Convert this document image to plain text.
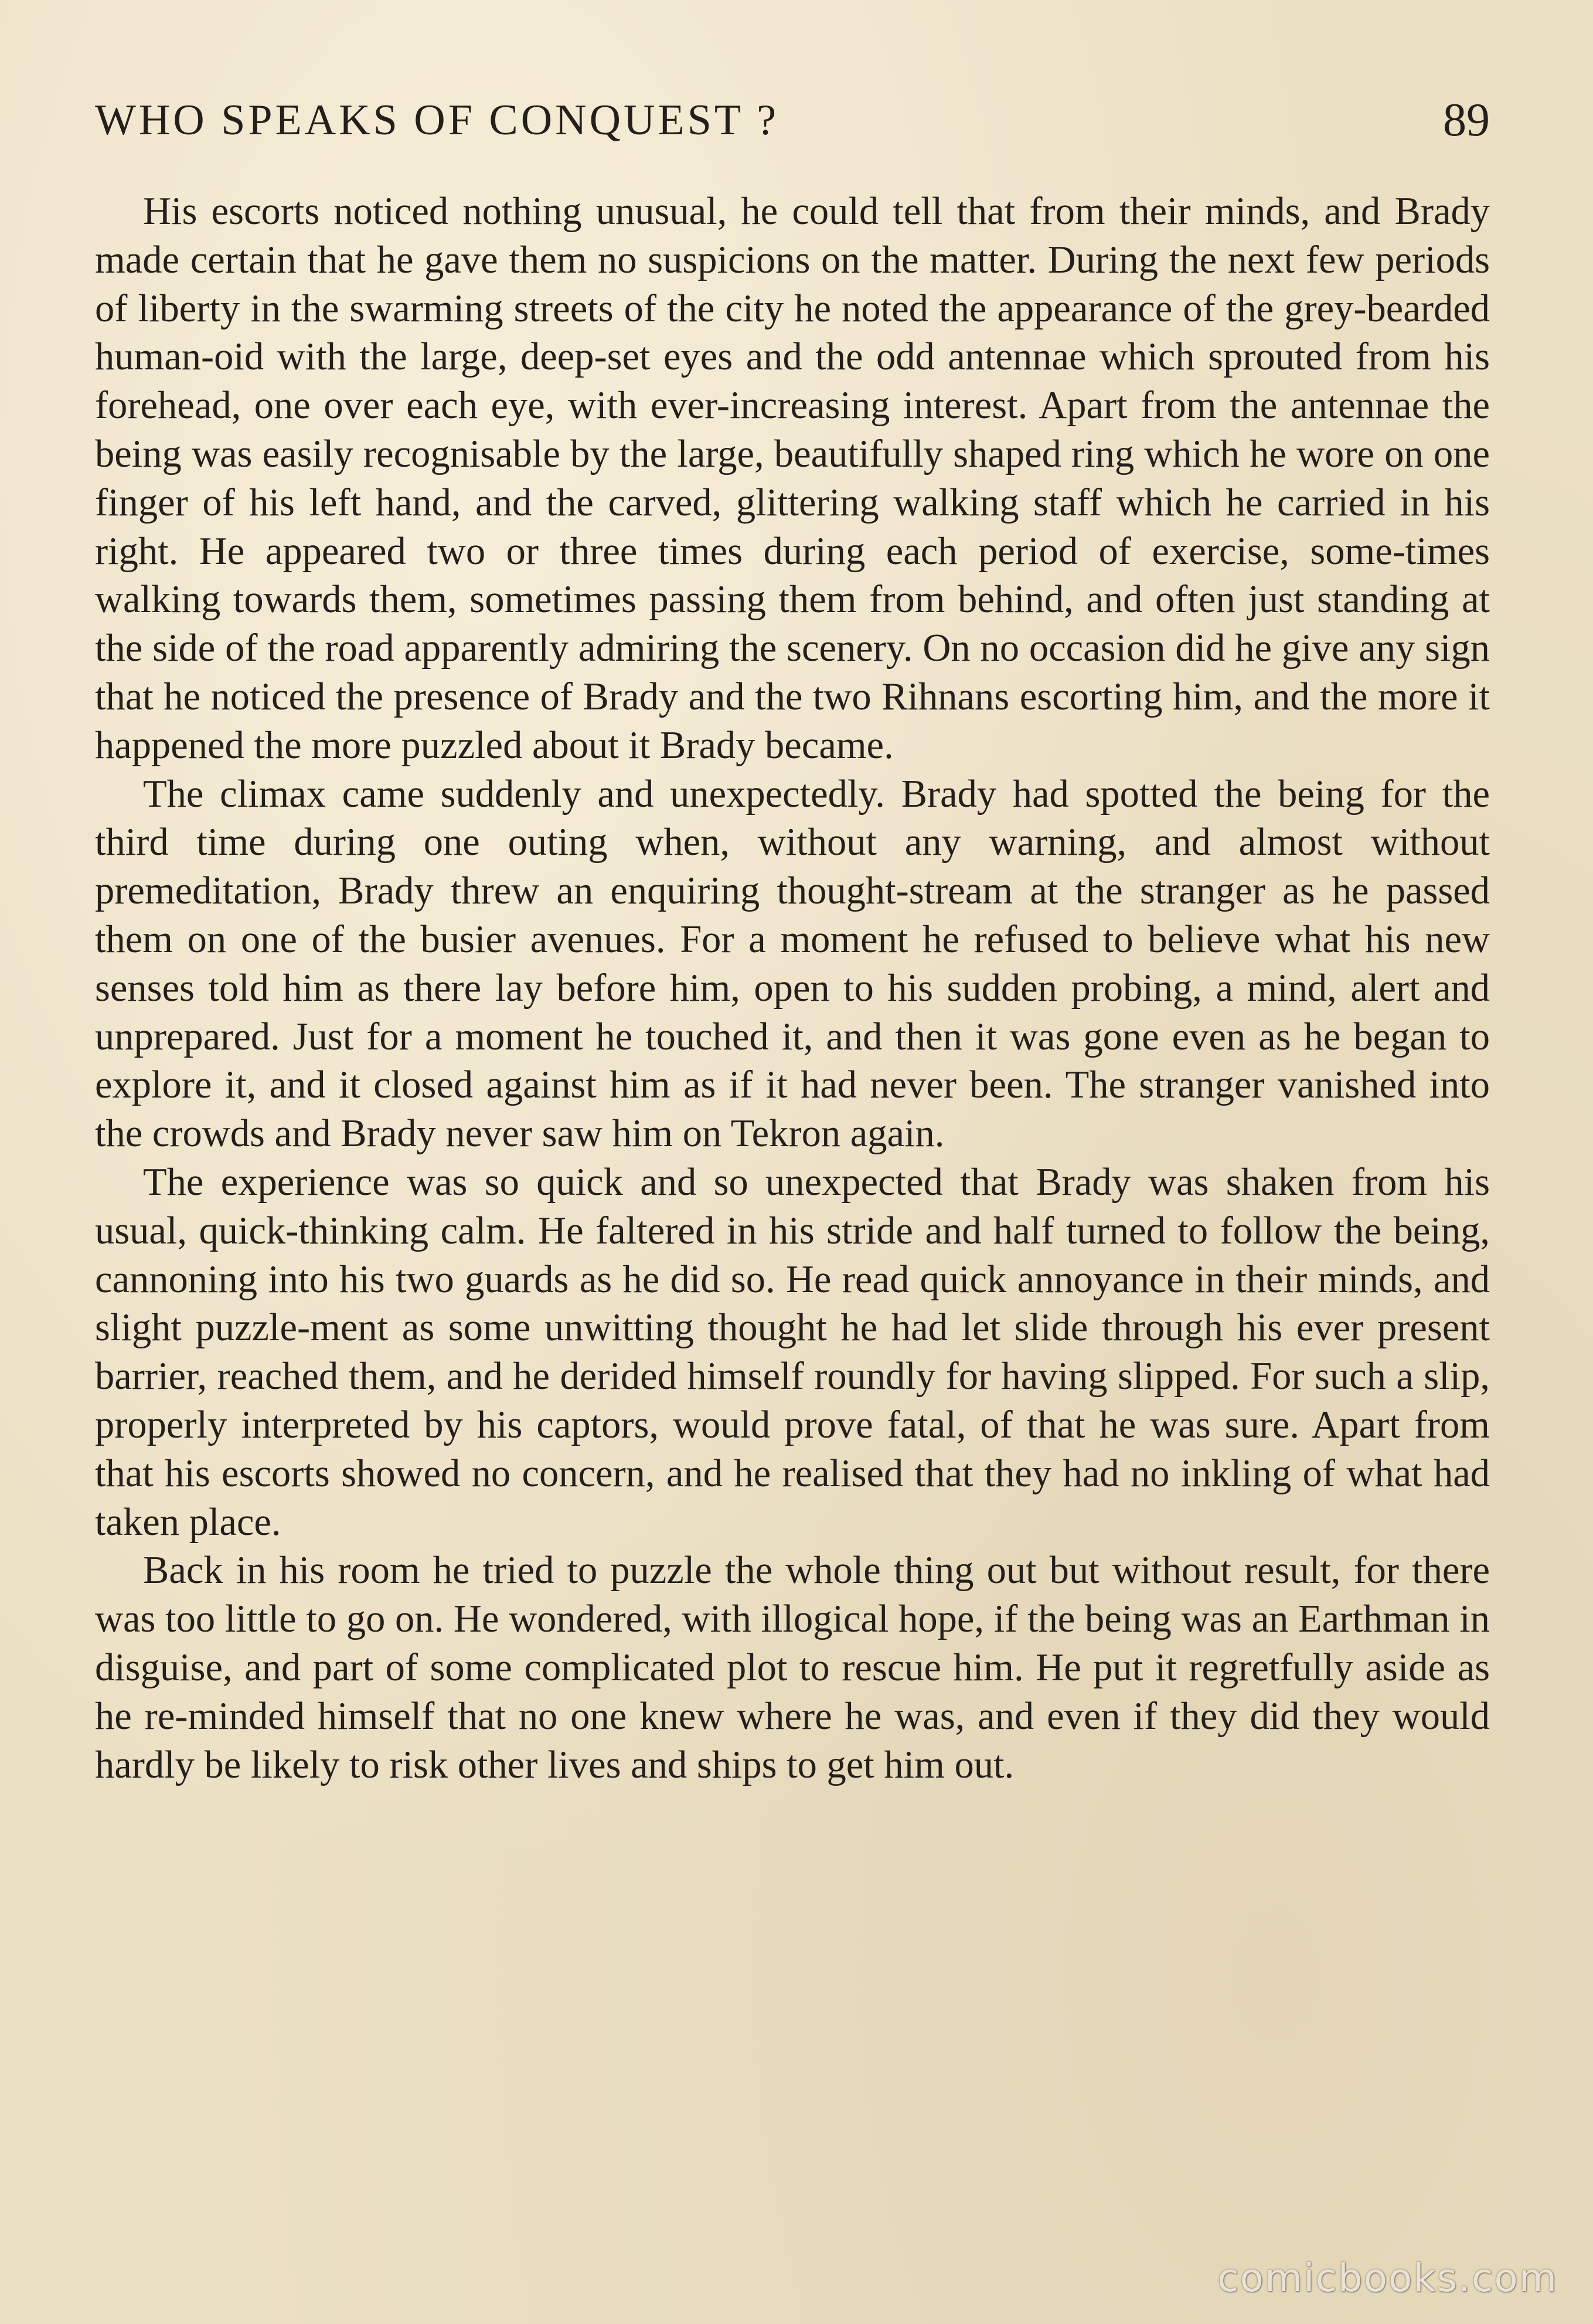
WHO SPEAKS OF CONQUEST ?	89

His escorts noticed nothing unusual, he could tell that from their minds, and Brady made certain that he gave them no suspicions on the matter. During the next few periods of liberty in the swarming streets of the city he noted the appearance of the grey-bearded human-oid with the large, deep-set eyes and the odd antennae which sprouted from his forehead, one over each eye, with ever-increasing interest. Apart from the antennae the being was easily recognisable by the large, beautifully shaped ring which he wore on one finger of his left hand, and the carved, glittering walking staff which he carried in his right. He appeared two or three times during each period of exercise, some-times walking towards them, sometimes passing them from behind, and often just standing at the side of the road apparently admiring the scenery. On no occasion did he give any sign that he noticed the presence of Brady and the two Rihnans escorting him, and the more it happened the more puzzled about it Brady became.

The climax came suddenly and unexpectedly. Brady had spotted the being for the third time during one outing when, without any warning, and almost without premeditation, Brady threw an enquiring thought-stream at the stranger as he passed them on one of the busier avenues. For a moment he refused to believe what his new senses told him as there lay before him, open to his sudden probing, a mind, alert and unprepared. Just for a moment he touched it, and then it was gone even as he began to explore it, and it closed against him as if it had never been. The stranger vanished into the crowds and Brady never saw him on Tekron again.

The experience was so quick and so unexpected that Brady was shaken from his usual, quick-thinking calm. He faltered in his stride and half turned to follow the being, cannoning into his two guards as he did so. He read quick annoyance in their minds, and slight puzzle-ment as some unwitting thought he had let slide through his ever present barrier, reached them, and he derided himself roundly for having slipped. For such a slip, properly interpreted by his captors, would prove fatal, of that he was sure. Apart from that his escorts showed no concern, and he realised that they had no inkling of what had taken place.

Back in his room he tried to puzzle the whole thing out but without result, for there was too little to go on. He wondered, with illogical hope, if the being was an Earthman in disguise, and part of some complicated plot to rescue him. He put it regretfully aside as he re-minded himself that no one knew where he was, and even if they did they would hardly be likely to risk other lives and ships to get him out.

comicbooks.com
